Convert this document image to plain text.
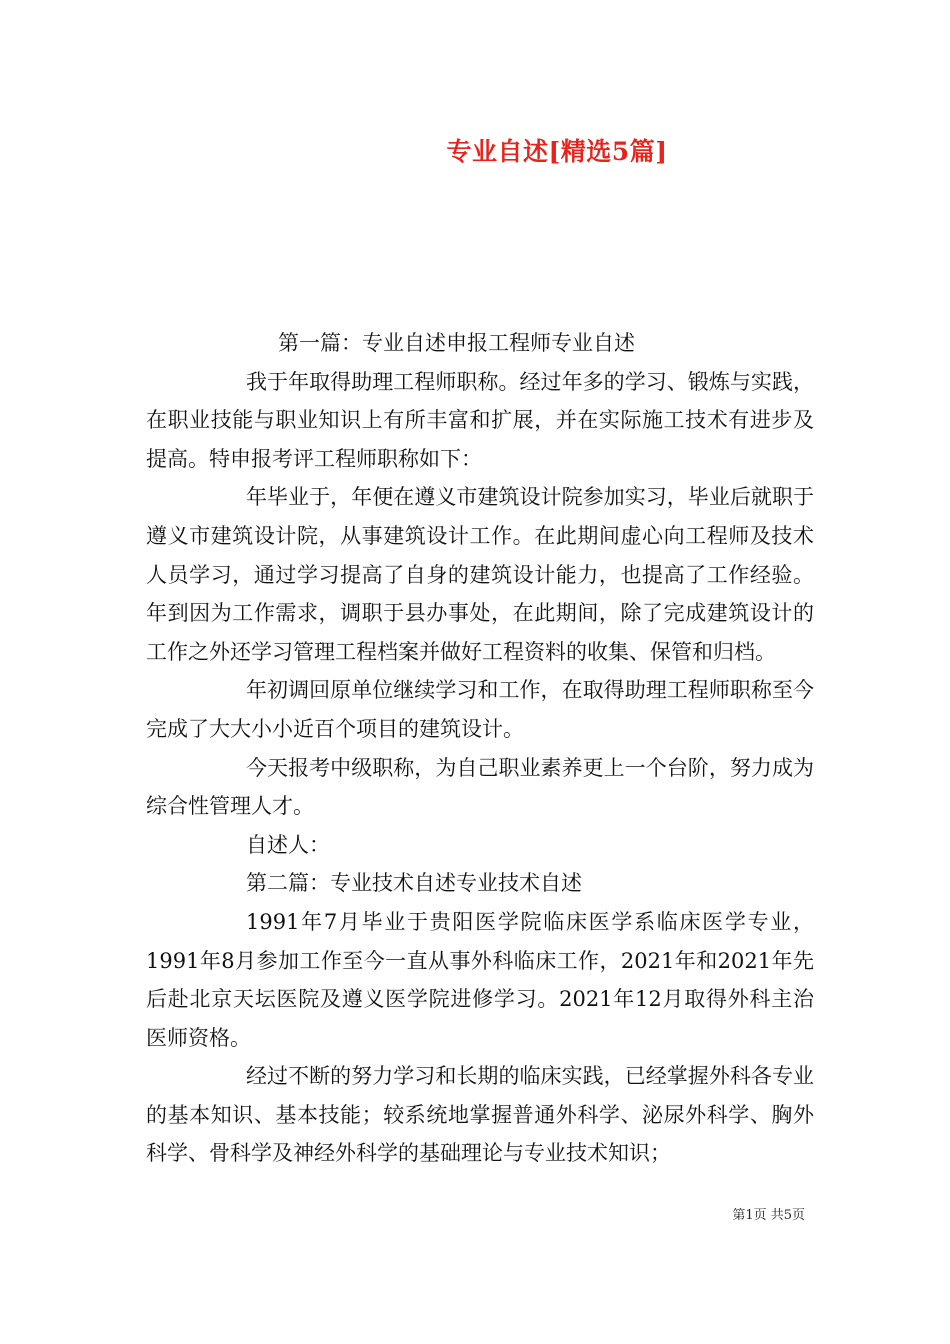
专业自述[精选5篇]

第一篇：专业自述申报工程师专业自述

我于年取得助理工程师职称。经过年多的学习、锻炼与实践，在职业技能与职业知识上有所丰富和扩展，并在实际施工技术有进步及提高。特申报考评工程师职称如下：

年毕业于，年便在遵义市建筑设计院参加实习，毕业后就职于遵义市建筑设计院，从事建筑设计工作。在此期间虚心向工程师及技术人员学习，通过学习提高了自身的建筑设计能力，也提高了工作经验。年到因为工作需求，调职于县办事处，在此期间，除了完成建筑设计的工作之外还学习管理工程档案并做好工程资料的收集、保管和归档。

年初调回原单位继续学习和工作，在取得助理工程师职称至今完成了大大小小近百个项目的建筑设计。

今天报考中级职称，为自己职业素养更上一个台阶，努力成为综合性管理人才。

自述人：

第二篇：专业技术自述专业技术自述

1991年7月毕业于贵阳医学院临床医学系临床医学专业，1991年8月参加工作至今一直从事外科临床工作，2021年和2021年先后赴北京天坛医院及遵义医学院进修学习。2021年12月取得外科主治医师资格。

经过不断的努力学习和长期的临床实践，已经掌握外科各专业的基本知识、基本技能；较系统地掌握普通外科学、泌尿外科学、胸外科学、骨科学及神经外科学的基础理论与专业技术知识；

第1页 共5页
